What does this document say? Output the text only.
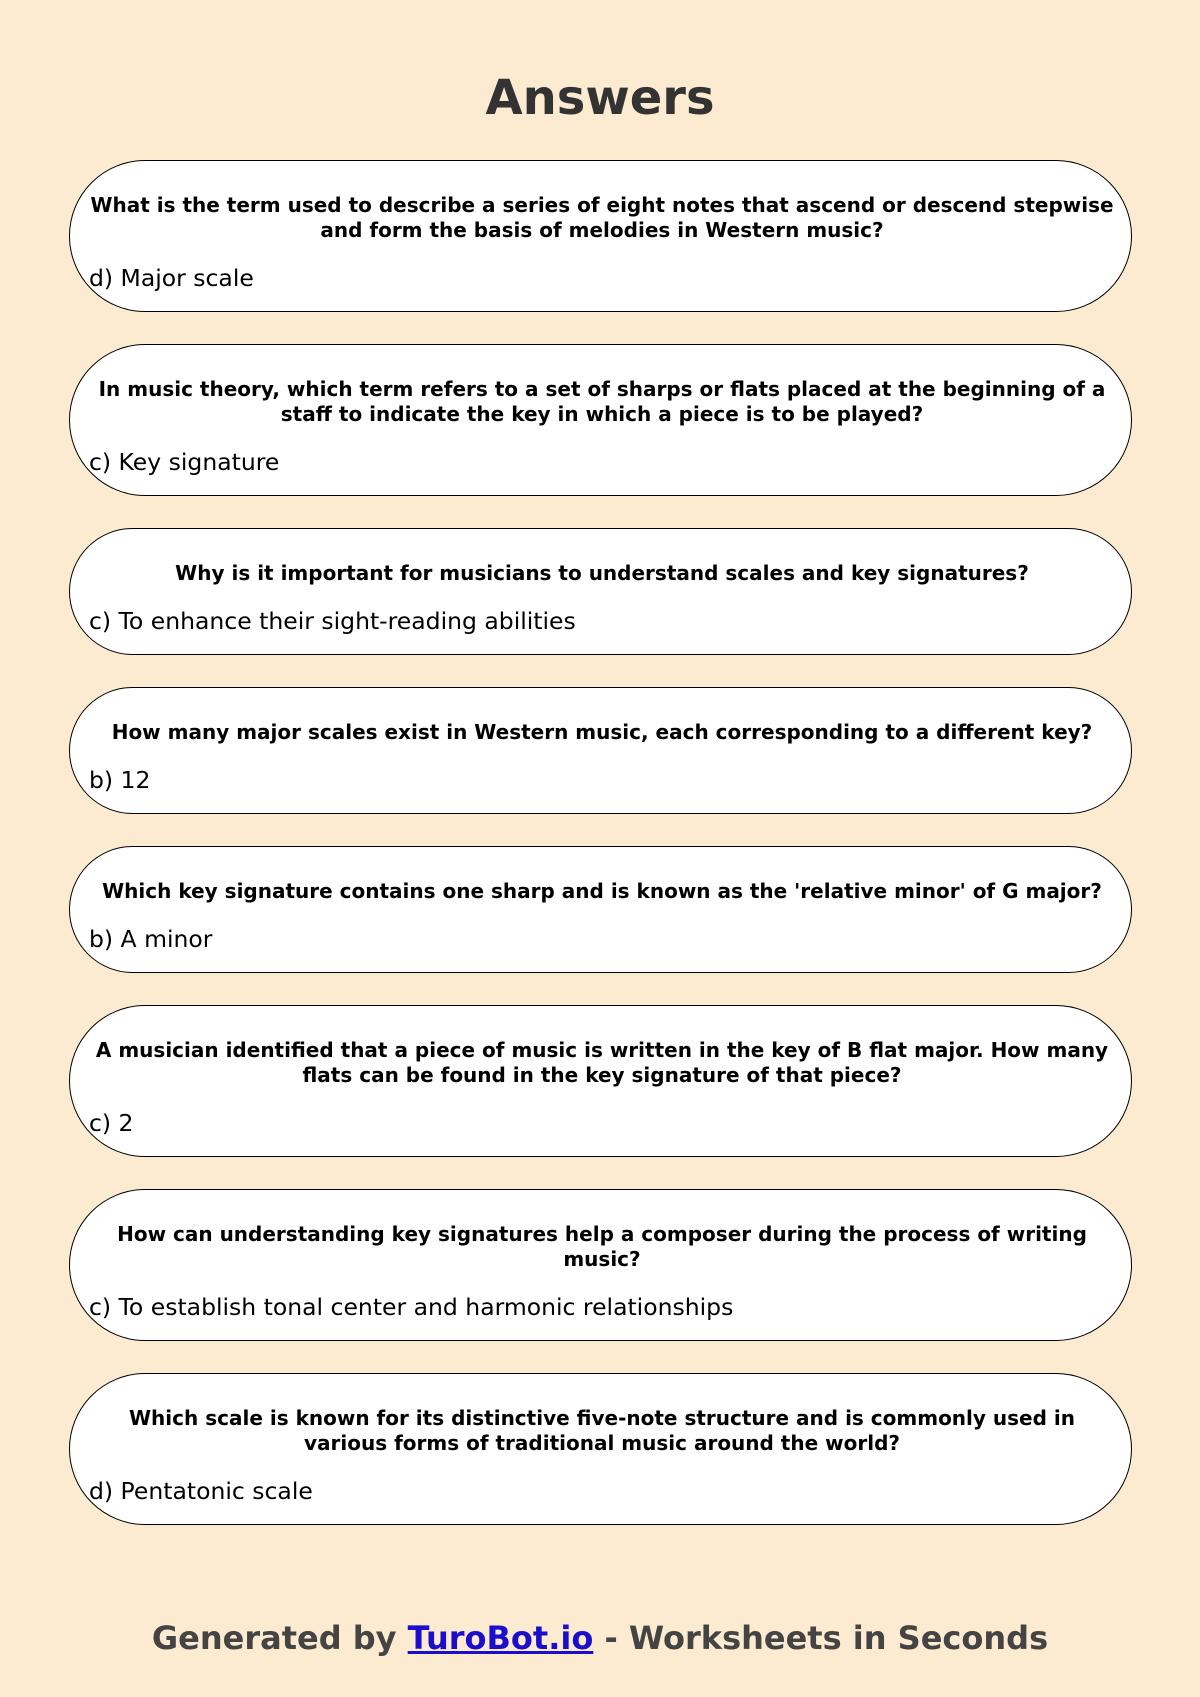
Answers

What is the term used to describe a series of eight notes that ascend or descend stepwise and form the basis of melodies in Western music?

d) Major scale

In music theory, which term refers to a set of sharps or flats placed at the beginning of a staff to indicate the key in which a piece is to be played?

c) Key signature

Why is it important for musicians to understand scales and key signatures?

c) To enhance their sight-reading abilities

How many major scales exist in Western music, each corresponding to a different key?

b) 12

Which key signature contains one sharp and is known as the 'relative minor' of G major?

b) A minor

A musician identified that a piece of music is written in the key of B flat major. How many flats can be found in the key signature of that piece?

c) 2

How can understanding key signatures help a composer during the process of writing music?

c) To establish tonal center and harmonic relationships

Which scale is known for its distinctive five-note structure and is commonly used in various forms of traditional music around the world?

d) Pentatonic scale

Generated by TuroBot.io - Worksheets in Seconds
